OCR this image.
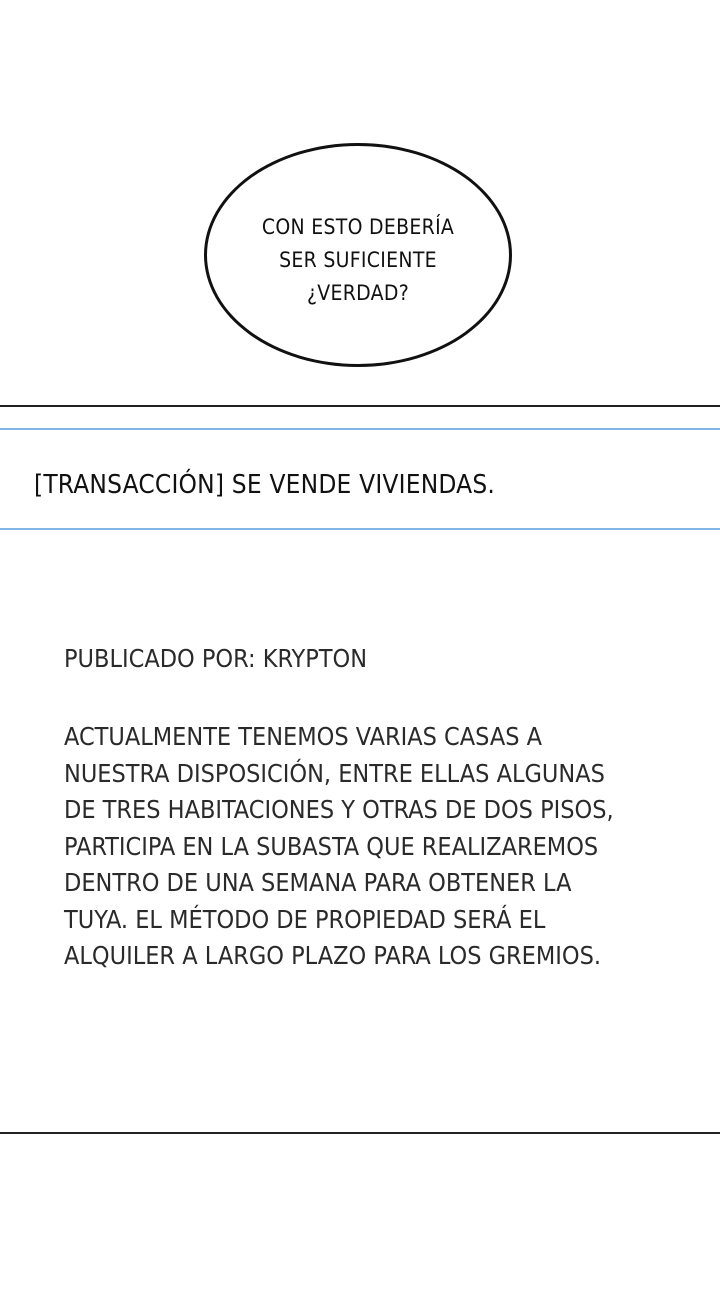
CON ESTO DEBERÍA
SER SUFICIENTE
¿VERDAD?
[TRANSACCIÓN] SE VENDE VIVIENDAS.
PUBLICADO POR: KRYPTON
ACTUALMENTE TENEMOS VARIAS CASAS A
NUESTRA DISPOSICIÓN, ENTRE ELLAS ALGUNAS
DE TRES HABITACIONES Y OTRAS DE DOS PISOS,
PARTICIPA EN LA SUBASTA QUE REALIZAREMOS
DENTRO DE UNA SEMANA PARA OBTENER LA
TUYA. EL MÉTODO DE PROPIEDAD SERÁ EL
ALQUILER A LARGO PLAZO PARA LOS GREMIOS.
